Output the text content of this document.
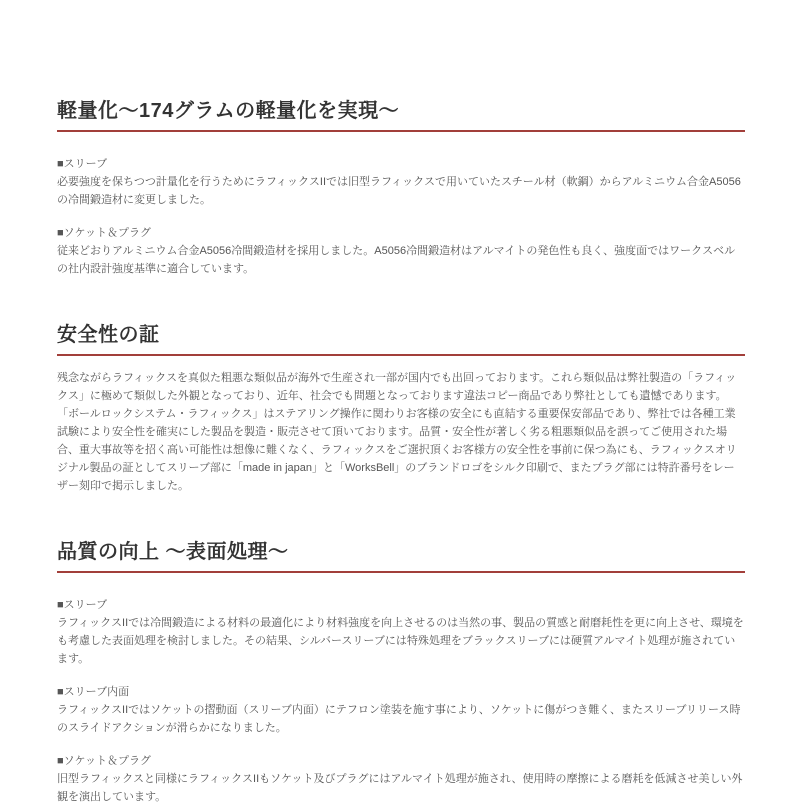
軽量化～174グラムの軽量化を実現～
■スリーブ

必要強度を保ちつつ計量化を行うためにラフィックスIIでは旧型ラフィックスで用いていたスチール材（軟鋼）からアルミニウム合金A5056の冷間鍛造材に変更しました。

■ソケット＆プラグ

従来どおりアルミニウム合金A5056冷間鍛造材を採用しました。A5056冷間鍛造材はアルマイトの発色性も良く、強度面ではワークスベルの社内設計強度基準に適合しています。

安全性の証

残念ながらラフィックスを真似た粗悪な類似品が海外で生産され一部が国内でも出回っております。これら類似品は弊社製造の「ラフィックス」に極めて類似した外観となっており、近年、社会でも問題となっております違法コピー商品であり弊社としても遺憾であります。

「ボールロックシステム・ラフィックス」はステアリング操作に関わりお客様の安全にも直結する重要保安部品であり、弊社では各種工業試験により安全性を確実にした製品を製造・販売させて頂いております。品質・安全性が著しく劣る粗悪類似品を誤ってご使用された場合、重大事故等を招く高い可能性は想像に難くなく、ラフィックスをご選択頂くお客様方の安全性を事前に保つ為にも、ラフィックスオリジナル製品の証としてスリーブ部に「made in japan」と「WorksBell」のブランドロゴをシルク印刷で、またプラグ部には特許番号をレーザー刻印で掲示しました。

品質の向上 ～表面処理～
■スリーブ

ラフィックスIIでは冷間鍛造による材料の最適化により材料強度を向上させるのは当然の事、製品の質感と耐磨耗性を更に向上させ、環境をも考慮した表面処理を検討しました。その結果、シルバースリーブには特殊処理をブラックスリーブには硬質アルマイト処理が施されています。

■スリーブ内面

ラフィックスIIではソケットの摺動面（スリーブ内面）にテフロン塗装を施す事により、ソケットに傷がつき難く、またスリーブリリース時のスライドアクションが滑らかになりました。

■ソケット＆プラグ

旧型ラフィックスと同様にラフィックスIIもソケット及びプラグにはアルマイト処理が施され、使用時の摩擦による磨耗を低減させ美しい外観を演出しています。
